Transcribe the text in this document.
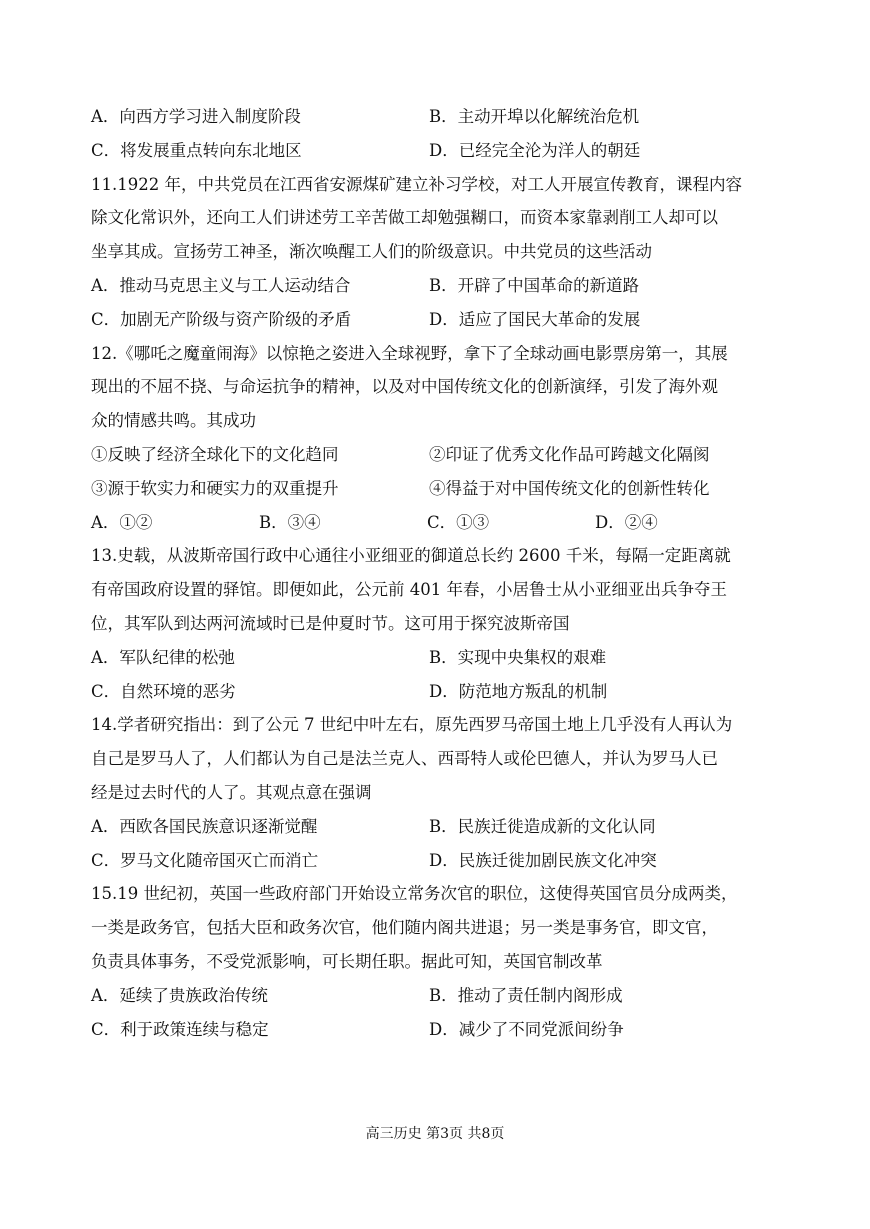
A．向西方学习进入制度阶段	B．主动开埠以化解统治危机
C．将发展重点转向东北地区	D．已经完全沦为洋人的朝廷
11.1922 年，中共党员在江西省安源煤矿建立补习学校，对工人开展宣传教育，课程内容
除文化常识外，还向工人们讲述劳工辛苦做工却勉强糊口，而资本家靠剥削工人却可以
坐享其成。宣扬劳工神圣，渐次唤醒工人们的阶级意识。中共党员的这些活动
A．推动马克思主义与工人运动结合	B．开辟了中国革命的新道路
C．加剧无产阶级与资产阶级的矛盾	D．适应了国民大革命的发展
12.《哪吒之魔童闹海》以惊艳之姿进入全球视野，拿下了全球动画电影票房第一，其展
现出的不屈不挠、与命运抗争的精神，以及对中国传统文化的创新演绎，引发了海外观
众的情感共鸣。其成功
①反映了经济全球化下的文化趋同	②印证了优秀文化作品可跨越文化隔阂
③源于软实力和硬实力的双重提升	④得益于对中国传统文化的创新性转化
A．①②	B．③④	C．①③	D．②④
13.史载，从波斯帝国行政中心通往小亚细亚的御道总长约 2600 千米，每隔一定距离就
有帝国政府设置的驿馆。即便如此，公元前 401 年春，小居鲁士从小亚细亚出兵争夺王
位，其军队到达两河流域时已是仲夏时节。这可用于探究波斯帝国
A．军队纪律的松弛	B．实现中央集权的艰难
C．自然环境的恶劣	D．防范地方叛乱的机制
14.学者研究指出：到了公元 7 世纪中叶左右，原先西罗马帝国土地上几乎没有人再认为
自己是罗马人了，人们都认为自己是法兰克人、西哥特人或伦巴德人，并认为罗马人已
经是过去时代的人了。其观点意在强调
A．西欧各国民族意识逐渐觉醒	B．民族迁徙造成新的文化认同
C．罗马文化随帝国灭亡而消亡	D．民族迁徙加剧民族文化冲突
15.19 世纪初，英国一些政府部门开始设立常务次官的职位，这使得英国官员分成两类，
一类是政务官，包括大臣和政务次官，他们随内阁共进退；另一类是事务官，即文官，
负责具体事务，不受党派影响，可长期任职。据此可知，英国官制改革
A．延续了贵族政治传统	B．推动了责任制内阁形成
C．利于政策连续与稳定	D．减少了不同党派间纷争
高三历史 第3页 共8页
